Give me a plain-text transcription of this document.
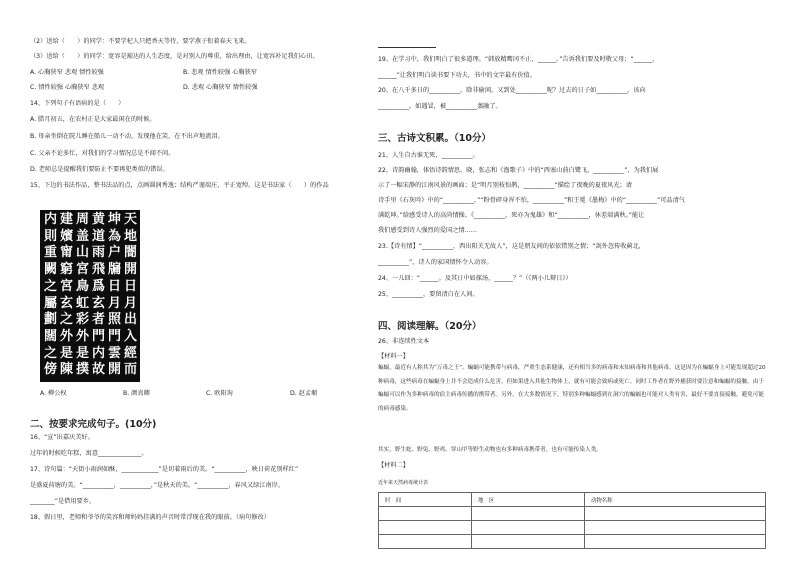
（2）送给（　　）的同学：不要学杞人只把香天等待，要学燕子衔着春天飞来。
（3）送给（　　）的同学：宽容是豁达的人生态度，是对别人的尊重，给出理由，让宽容补足我们心田。
A. 心胸狭窄 悲观 情性较强	B. 悲观 情性较强 心胸狭窄
C. 情性较强 心胸狭窄 悲观	D. 悲观 心胸狭窄 情性较强
14、下列句子有语病的是（　　）
A. 腊月初五，在农村正是大家最闲在的时候。
B. 母亲坐倒在院儿睡在船儿一动不动，发现他在笑，在不出声地流泪。
C. 父亲不论多忙，对我们的学习情况总是不闻不问。
D. 老师总是提醒我们要防止不要再犯类似的错误。
15、下边的书法作品，整书法品的点，点画圆润秀逸；结构严谨端庄，平正宽绰。这是书法家（　　）的作品
天
地
闇
開
日
月
出
入
經
而
坤
為
户
牖
日
月
照
門
雲
開
黄
道
雨
飛
爲
玄
者
門
内
故
周
盖
山
宮
鳥
虹
彩
外
是
撲
建
嬪
甯
窮
宮
玄
之
外
是
陳
内
則
重
闕
之
屬
劃
闊
之
傍
A. 柳公权	B. 颜真卿	C. 欧阳询	D. 赵孟頫
二、按要求完成句子。(10分)
16、“宣”出嘉庆美好。
过年的时候吃年糕，寓意______________。
17、诗句篇：“天街小雨润如酥，____________”是切着雨后的美。“__________，映日荷花别样红”
是盛夏荷塘的美。“__________，__________，”是秋天的美。“__________，春风又绿江南岸。
________”是借用要乡。
18、假日里，老师和爷爷的笑容和师妈妈挂满的声音时常浮现在我的眼前。（病句修改）
19、在学习中，我们明白了很多道理。“韩放精鹰冈不止，______。”告诉我们要及时敬父母；“______，
______”让我们明白读书要下功夫，书中的文字最有价值。
20、在八千多日的__________，除非偷闲，又到处__________呢？过去的日子如__________，该向
__________。如遇冒，被__________蒸融了。
三、古诗文积累。（10分）
21、人生自古谁无死，__________。
22、诗韵幽翰，体悟诗韵情思。晓，张志和《渔歌子》中的“西塞山前白鹭飞，__________”，为我们展
示了一幅宋静的江南风景的画面；是“明月别枝惊鹊，__________”描绘了夜晚的夏夜风光；请
诗手里《石灰吟》中的“__________，”“粉骨碎身浑不怕，__________”和王冕《墨梅》中的“__________”可品清气
满乾坤。”给感受诗人的高尚情操。《__________，死亦为鬼雄》和“__________，休差端满秋。”能让
我们感受到诗人强烈的爱国之情……
23.【诗有情】“__________，西出阳关无故人”，这是朋友间的依依惜别之情；“剑外忽传收蓟北，
__________”，诗人的家国情怀令人动容。
24、一儿回：“______。及其日中如探汤，______？”（《两小儿辩日》）
25、__________，要留清白在人间。
四、阅读理解。（20分）
26、非连续性文本
【材料一】
蝙蝠，最近有人称其为“万毒之王”。蝙蝠可能携带与病毒，严重生态系健康，还有相当多的病毒和未知病毒和其他病毒。这是因为在蝙蝠身上可能发现超过20种病毒，这些病毒在蝙蝠身上并不会造成什么危害，但如果进入其他生物体上，就有可能会致病或死亡。同时工作者在野外捕获时要注意和蝙蝠的接触。由于蝙蝠可以作为多种病毒的宿主病毒传播的携带者。另外，在大多数情况下，特别多种蝙蝠感到在洞穴的蝙蝠也可能对人类有害，最好不要直接接触，避免可能的病毒感染。
其实，野生蛇、野兔、野鸡、穿山甲等野生动物也有多种病毒携带者，也有可能传染人类。
【材料二】
近年来天然病毒统计表
时　间	地　区	动物名称
